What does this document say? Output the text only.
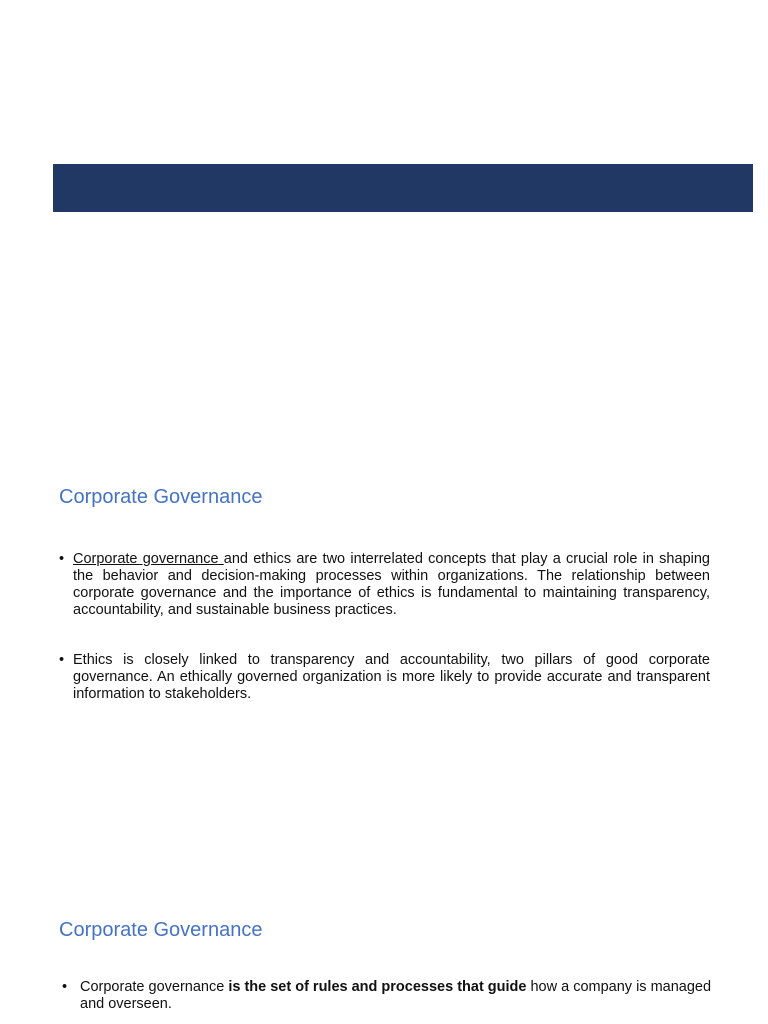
Corporate Governance
• Corporate governance and ethics are two interrelated concepts that play a crucial role in shaping the behavior and decision-making processes within organizations. The relationship between corporate governance and the importance of ethics is fundamental to maintaining transparency, accountability, and sustainable business practices.
• Ethics is closely linked to transparency and accountability, two pillars of good corporate governance. An ethically governed organization is more likely to provide accurate and transparent information to stakeholders.
Corporate Governance
• Corporate governance is the set of rules and processes that guide how a company is managed and overseen.
